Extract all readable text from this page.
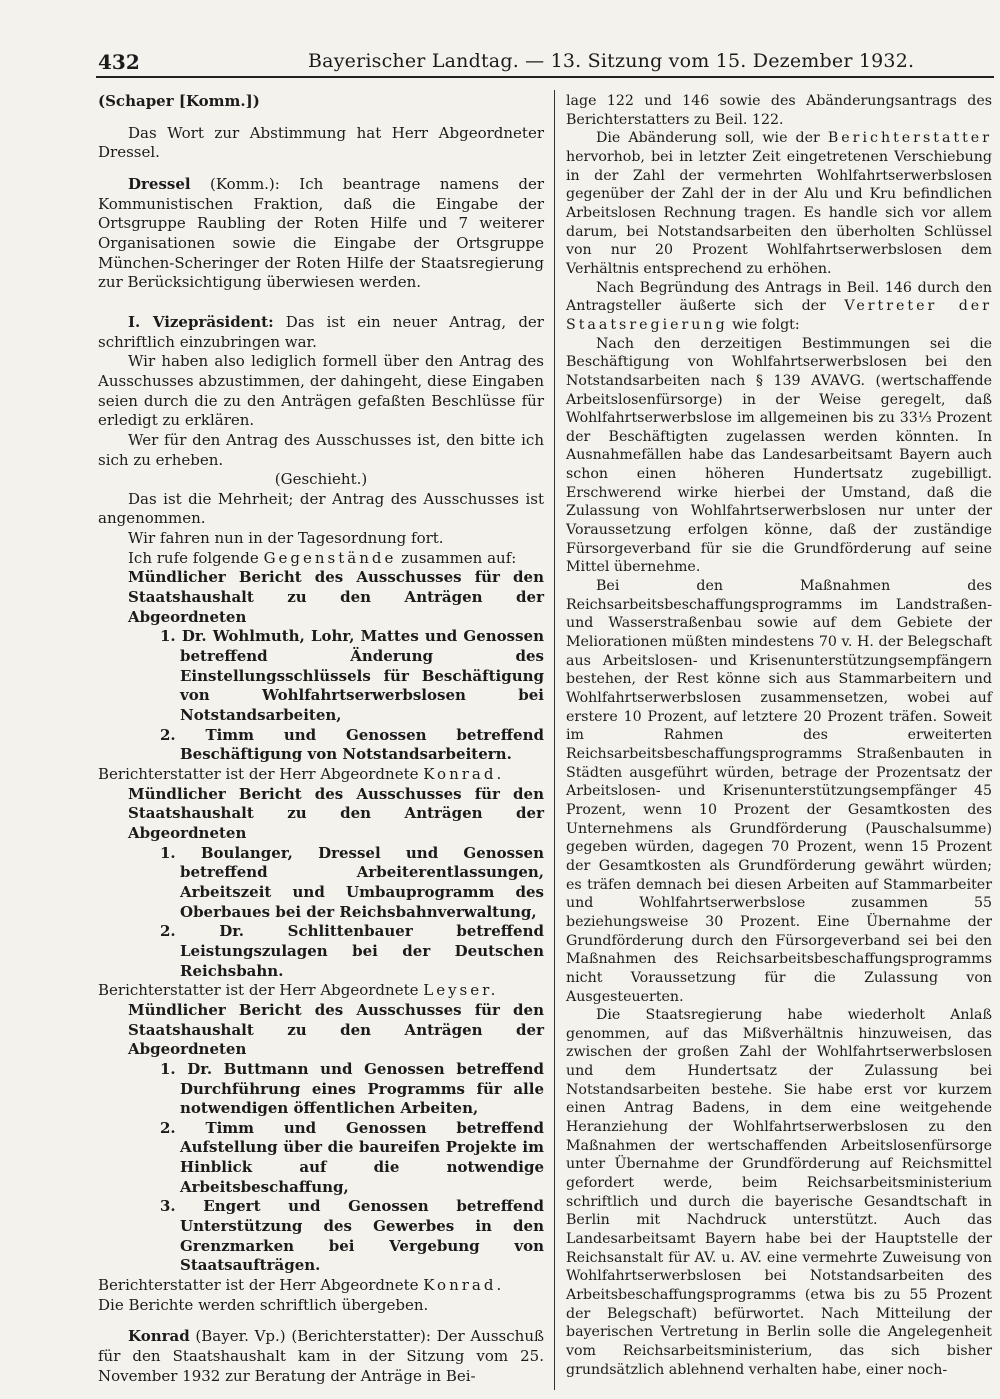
432	Bayerischer Landtag. — 13. Sitzung vom 15. Dezember 1932.

(Schaper [Komm.])

Das Wort zur Abstimmung hat Herr Abgeordneter Dressel.

Dressel (Komm.): Ich beantrage namens der Kommunistischen Fraktion, daß die Eingabe der Ortsgruppe Raubling der Roten Hilfe und 7 weiterer Organisationen sowie die Eingabe der Ortsgruppe München-Scheringer der Roten Hilfe der Staatsregierung zur Berücksichtigung überwiesen werden.

I. Vizepräsident: Das ist ein neuer Antrag, der schriftlich einzubringen war.

Wir haben also lediglich formell über den Antrag des Ausschusses abzustimmen, der dahingeht, diese Eingaben seien durch die zu den Anträgen gefaßten Beschlüsse für erledigt zu erklären.

Wer für den Antrag des Ausschusses ist, den bitte ich sich zu erheben.

(Geschieht.)

Das ist die Mehrheit; der Antrag des Ausschusses ist angenommen.

Wir fahren nun in der Tagesordnung fort.

Ich rufe folgende Gegenstände zusammen auf:

Mündlicher Bericht des Ausschusses für den Staatshaushalt zu den Anträgen der Abgeordneten

1. Dr. Wohlmuth, Lohr, Mattes und Genossen betreffend Änderung des Einstellungsschlüssels für Beschäftigung von Wohlfahrtserwerbslosen bei Notstandsarbeiten,

2. Timm und Genossen betreffend Beschäftigung von Notstandsarbeitern.

Berichterstatter ist der Herr Abgeordnete Konrad.

Mündlicher Bericht des Ausschusses für den Staatshaushalt zu den Anträgen der Abgeordneten

1. Boulanger, Dressel und Genossen betreffend Arbeiterentlassungen, Arbeitszeit und Umbauprogramm des Oberbaues bei der Reichsbahnverwaltung,

2. Dr. Schlittenbauer betreffend Leistungszulagen bei der Deutschen Reichsbahn.

Berichterstatter ist der Herr Abgeordnete Leyser.

Mündlicher Bericht des Ausschusses für den Staatshaushalt zu den Anträgen der Abgeordneten

1. Dr. Buttmann und Genossen betreffend Durchführung eines Programms für alle notwendigen öffentlichen Arbeiten,

2. Timm und Genossen betreffend Aufstellung über die baureifen Projekte im Hinblick auf die notwendige Arbeitsbeschaffung,

3. Engert und Genossen betreffend Unterstützung des Gewerbes in den Grenzmarken bei Vergebung von Staatsaufträgen.

Berichterstatter ist der Herr Abgeordnete Konrad.

Die Berichte werden schriftlich übergeben.

Konrad (Bayer. Vp.) (Berichterstatter): Der Ausschuß für den Staatshaushalt kam in der Sitzung vom 25. November 1932 zur Beratung der Anträge in Bei-

lage 122 und 146 sowie des Abänderungsantrags des Berichterstatters zu Beil. 122.

Die Abänderung soll, wie der Berichterstatter hervorhob, bei in letzter Zeit eingetretenen Verschiebung in der Zahl der vermehrten Wohlfahrtserwerbslosen gegenüber der Zahl der in der Alu und Kru befindlichen Arbeitslosen Rechnung tragen. Es handle sich vor allem darum, bei Notstandsarbeiten den überholten Schlüssel von nur 20 Prozent Wohlfahrtserwerbslosen dem Verhältnis entsprechend zu erhöhen.

Nach Begründung des Antrags in Beil. 146 durch den Antragsteller äußerte sich der Vertreter der Staatsregierung wie folgt:

Nach den derzeitigen Bestimmungen sei die Beschäftigung von Wohlfahrtserwerbslosen bei den Notstandsarbeiten nach § 139 AVAVG. (wertschaffende Arbeitslosenfürsorge) in der Weise geregelt, daß Wohlfahrtserwerbslose im allgemeinen bis zu 33⅓ Prozent der Beschäftigten zugelassen werden könnten. In Ausnahmefällen habe das Landesarbeitsamt Bayern auch schon einen höheren Hundertsatz zugebilligt. Erschwerend wirke hierbei der Umstand, daß die Zulassung von Wohlfahrtserwerbslosen nur unter der Voraussetzung erfolgen könne, daß der zuständige Fürsorgeverband für sie die Grundförderung auf seine Mittel übernehme.

Bei den Maßnahmen des Reichsarbeitsbeschaffungsprogramms im Landstraßen- und Wasserstraßenbau sowie auf dem Gebiete der Meliorationen müßten mindestens 70 v. H. der Belegschaft aus Arbeitslosen- und Krisenunterstützungsempfängern bestehen, der Rest könne sich aus Stammarbeitern und Wohlfahrtserwerbslosen zusammensetzen, wobei auf erstere 10 Prozent, auf letztere 20 Prozent träfen. Soweit im Rahmen des erweiterten Reichsarbeitsbeschaffungsprogramms Straßenbauten in Städten ausgeführt würden, betrage der Prozentsatz der Arbeitslosen- und Krisenunterstützungsempfänger 45 Prozent, wenn 10 Prozent der Gesamtkosten des Unternehmens als Grundförderung (Pauschalsumme) gegeben würden, dagegen 70 Prozent, wenn 15 Prozent der Gesamtkosten als Grundförderung gewährt würden; es träfen demnach bei diesen Arbeiten auf Stammarbeiter und Wohlfahrtserwerbslose zusammen 55 beziehungsweise 30 Prozent. Eine Übernahme der Grundförderung durch den Fürsorgeverband sei bei den Maßnahmen des Reichsarbeitsbeschaffungsprogramms nicht Voraussetzung für die Zulassung von Ausgesteuerten.

Die Staatsregierung habe wiederholt Anlaß genommen, auf das Mißverhältnis hinzuweisen, das zwischen der großen Zahl der Wohlfahrtserwerbslosen und dem Hundertsatz der Zulassung bei Notstandsarbeiten bestehe. Sie habe erst vor kurzem einen Antrag Badens, in dem eine weitgehende Heranziehung der Wohlfahrtserwerbslosen zu den Maßnahmen der wertschaffenden Arbeitslosenfürsorge unter Übernahme der Grundförderung auf Reichsmittel gefordert werde, beim Reichsarbeitsministerium schriftlich und durch die bayerische Gesandtschaft in Berlin mit Nachdruck unterstützt. Auch das Landesarbeitsamt Bayern habe bei der Hauptstelle der Reichsanstalt für AV. u. AV. eine vermehrte Zuweisung von Wohlfahrtserwerbslosen bei Notstandsarbeiten des Arbeitsbeschaffungsprogramms (etwa bis zu 55 Prozent der Belegschaft) befürwortet. Nach Mitteilung der bayerischen Vertretung in Berlin solle die Angelegenheit vom Reichsarbeitsministerium, das sich bisher grundsätzlich ablehnend verhalten habe, einer noch-
